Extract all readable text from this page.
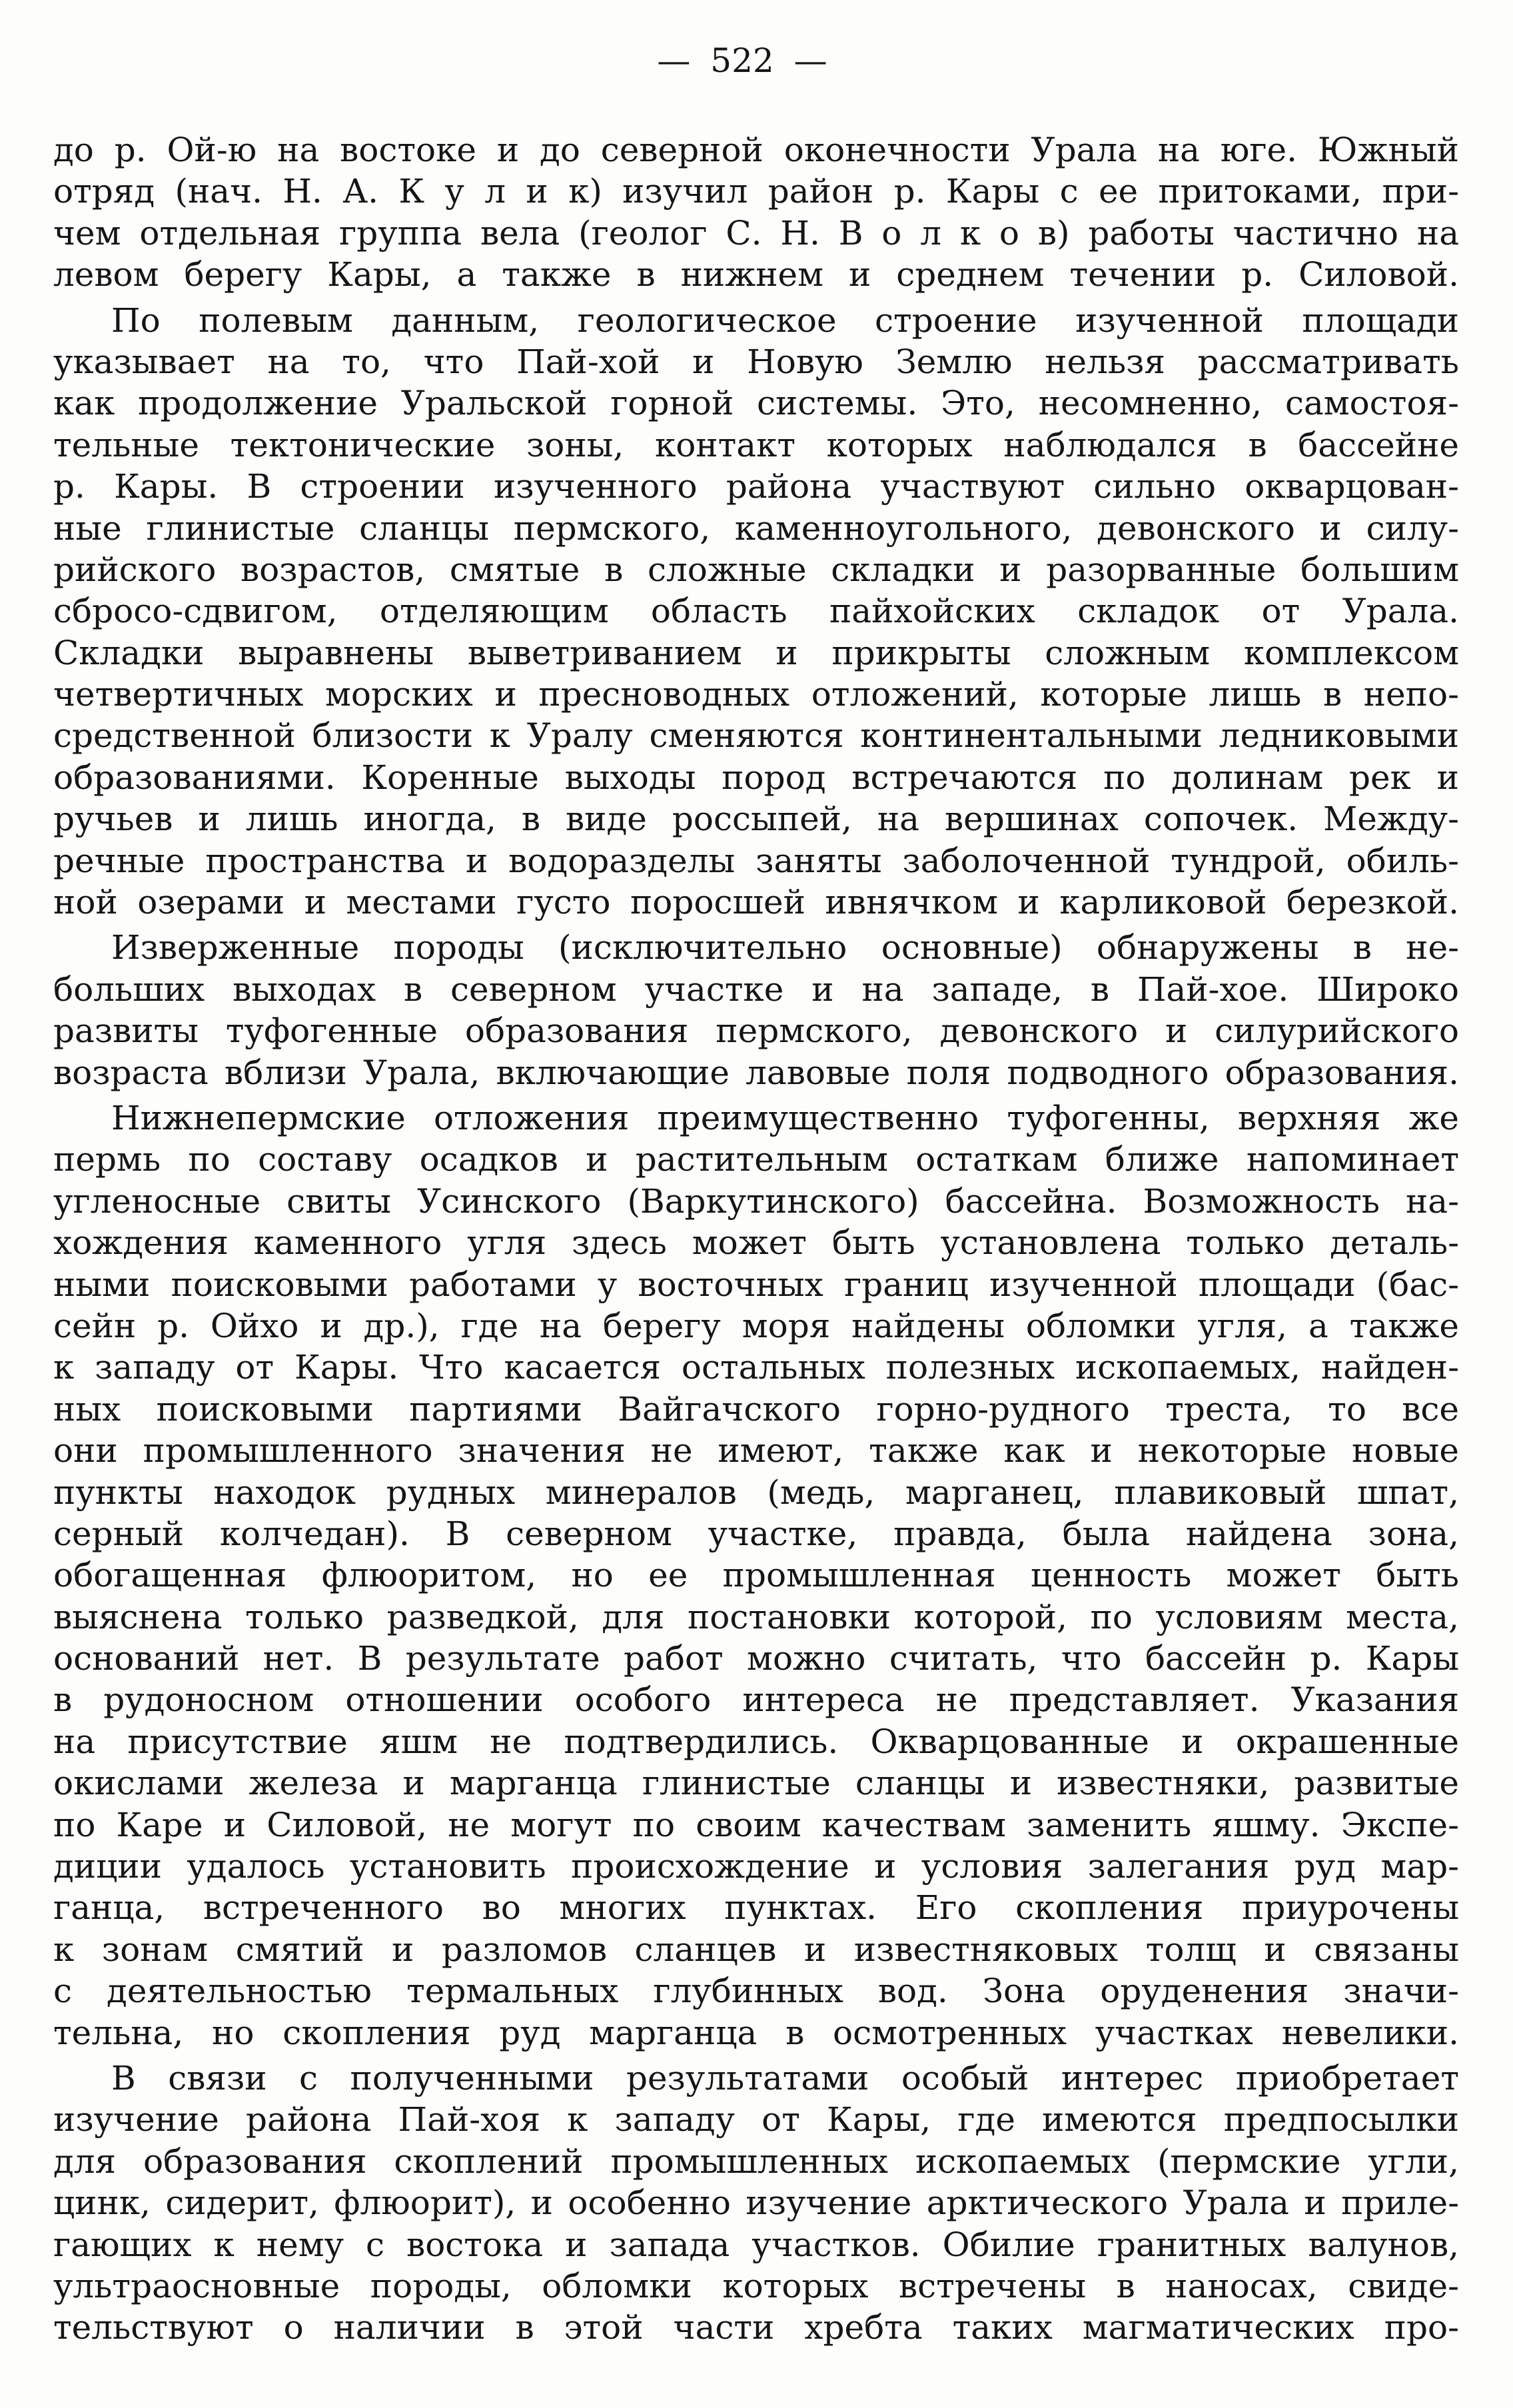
— 522 —
до р. Ой-ю на востоке и до северной оконечности Урала на юге. Южный
отряд (нач. Н. А. К у л и к) изучил район р. Кары с ее притоками, при-
чем отдельная группа вела (геолог С. Н. В о л к о в) работы частично на
левом берегу Кары, а также в нижнем и среднем течении р. Силовой.
По полевым данным, геологическое строение изученной площади
указывает на то, что Пай-хой и Новую Землю нельзя рассматривать
как продолжение Уральской горной системы. Это, несомненно, самостоя-
тельные тектонические зоны, контакт которых наблюдался в бассейне
р. Кары. В строении изученного района участвуют сильно окварцован-
ные глинистые сланцы пермского, каменноугольного, девонского и силу-
рийского возрастов, смятые в сложные складки и разорванные большим
сбросо-сдвигом, отделяющим область пайхойских складок от Урала.
Складки выравнены выветриванием и прикрыты сложным комплексом
четвертичных морских и пресноводных отложений, которые лишь в непо-
средственной близости к Уралу сменяются континентальными ледниковыми
образованиями. Коренные выходы пород встречаются по долинам рек и
ручьев и лишь иногда, в виде россыпей, на вершинах сопочек. Между-
речные пространства и водоразделы заняты заболоченной тундрой, обиль-
ной озерами и местами густо поросшей ивнячком и карликовой березкой.
Изверженные породы (исключительно основные) обнаружены в не-
больших выходах в северном участке и на западе, в Пай-хое. Широко
развиты туфогенные образования пермского, девонского и силурийского
возраста вблизи Урала, включающие лавовые поля подводного образования.
Нижнепермские отложения преимущественно туфогенны, верхняя же
пермь по составу осадков и растительным остаткам ближе напоминает
угленосные свиты Усинского (Варкутинского) бассейна. Возможность на-
хождения каменного угля здесь может быть установлена только деталь-
ными поисковыми работами у восточных границ изученной площади (бас-
сейн р. Ойхо и др.), где на берегу моря найдены обломки угля, а также
к западу от Кары. Что касается остальных полезных ископаемых, найден-
ных поисковыми партиями Вайгачского горно-рудного треста, то все
они промышленного значения не имеют, также как и некоторые новые
пункты находок рудных минералов (медь, марганец, плавиковый шпат,
серный колчедан). В северном участке, правда, была найдена зона,
обогащенная флюоритом, но ее промышленная ценность может быть
выяснена только разведкой, для постановки которой, по условиям места,
оснований нет. В результате работ можно считать, что бассейн р. Кары
в рудоносном отношении особого интереса не представляет. Указания
на присутствие яшм не подтвердились. Окварцованные и окрашенные
окислами железа и марганца глинистые сланцы и известняки, развитые
по Каре и Силовой, не могут по своим качествам заменить яшму. Экспе-
диции удалось установить происхождение и условия залегания руд мар-
ганца, встреченного во многих пунктах. Его скопления приурочены
к зонам смятий и разломов сланцев и известняковых толщ и связаны
с деятельностью термальных глубинных вод. Зона оруденения значи-
тельна, но скопления руд марганца в осмотренных участках невелики.
В связи с полученными результатами особый интерес приобретает
изучение района Пай-хоя к западу от Кары, где имеются предпосылки
для образования скоплений промышленных ископаемых (пермские угли,
цинк, сидерит, флюорит), и особенно изучение арктического Урала и приле-
гающих к нему с востока и запада участков. Обилие гранитных валунов,
ультраосновные породы, обломки которых встречены в наносах, свиде-
тельствуют о наличии в этой части хребта таких магматических про-
